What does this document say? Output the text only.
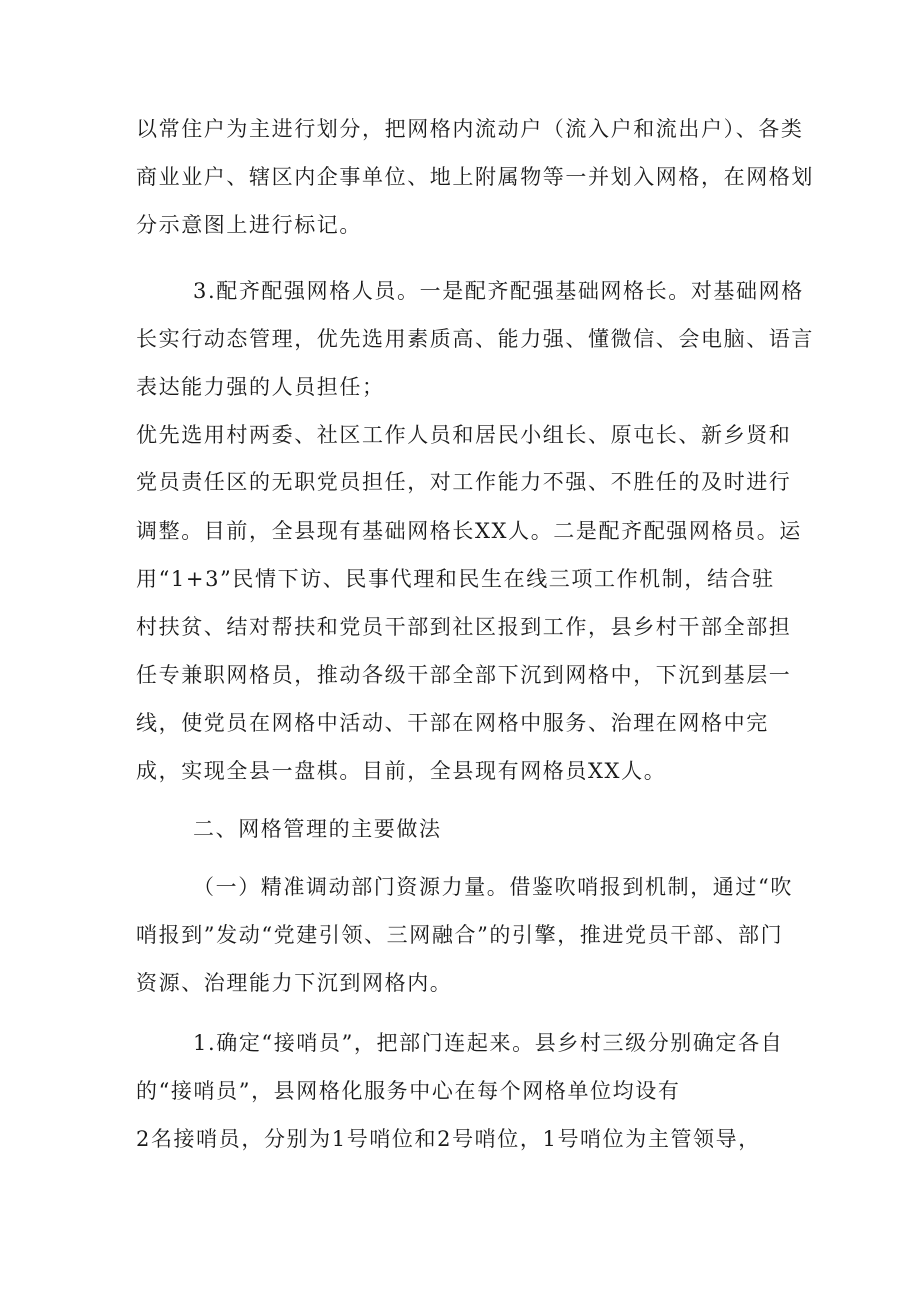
以常住户为主进行划分，把网格内流动户（流入户和流出户）、各类

商业业户、辖区内企事单位、地上附属物等一并划入网格，在网格划

分示意图上进行标记。

3.配齐配强网格人员。一是配齐配强基础网格长。对基础网格

长实行动态管理，优先选用素质高、能力强、懂微信、会电脑、语言

表达能力强的人员担任；

优先选用村两委、社区工作人员和居民小组长、原屯长、新乡贤和

党员责任区的无职党员担任，对工作能力不强、不胜任的及时进行

调整。目前，全县现有基础网格长XX人。二是配齐配强网格员。运

用“1+3”民情下访、民事代理和民生在线三项工作机制，结合驻

村扶贫、结对帮扶和党员干部到社区报到工作，县乡村干部全部担

任专兼职网格员，推动各级干部全部下沉到网格中，下沉到基层一

线，使党员在网格中活动、干部在网格中服务、治理在网格中完

成，实现全县一盘棋。目前，全县现有网格员XX人。

二、网格管理的主要做法

（一）精准调动部门资源力量。借鉴吹哨报到机制，通过“吹

哨报到”发动“党建引领、三网融合”的引擎，推进党员干部、部门

资源、治理能力下沉到网格内。

1.确定“接哨员”，把部门连起来。县乡村三级分别确定各自

的“接哨员”，县网格化服务中心在每个网格单位均设有

2名接哨员，分别为1号哨位和2号哨位，1号哨位为主管领导，
